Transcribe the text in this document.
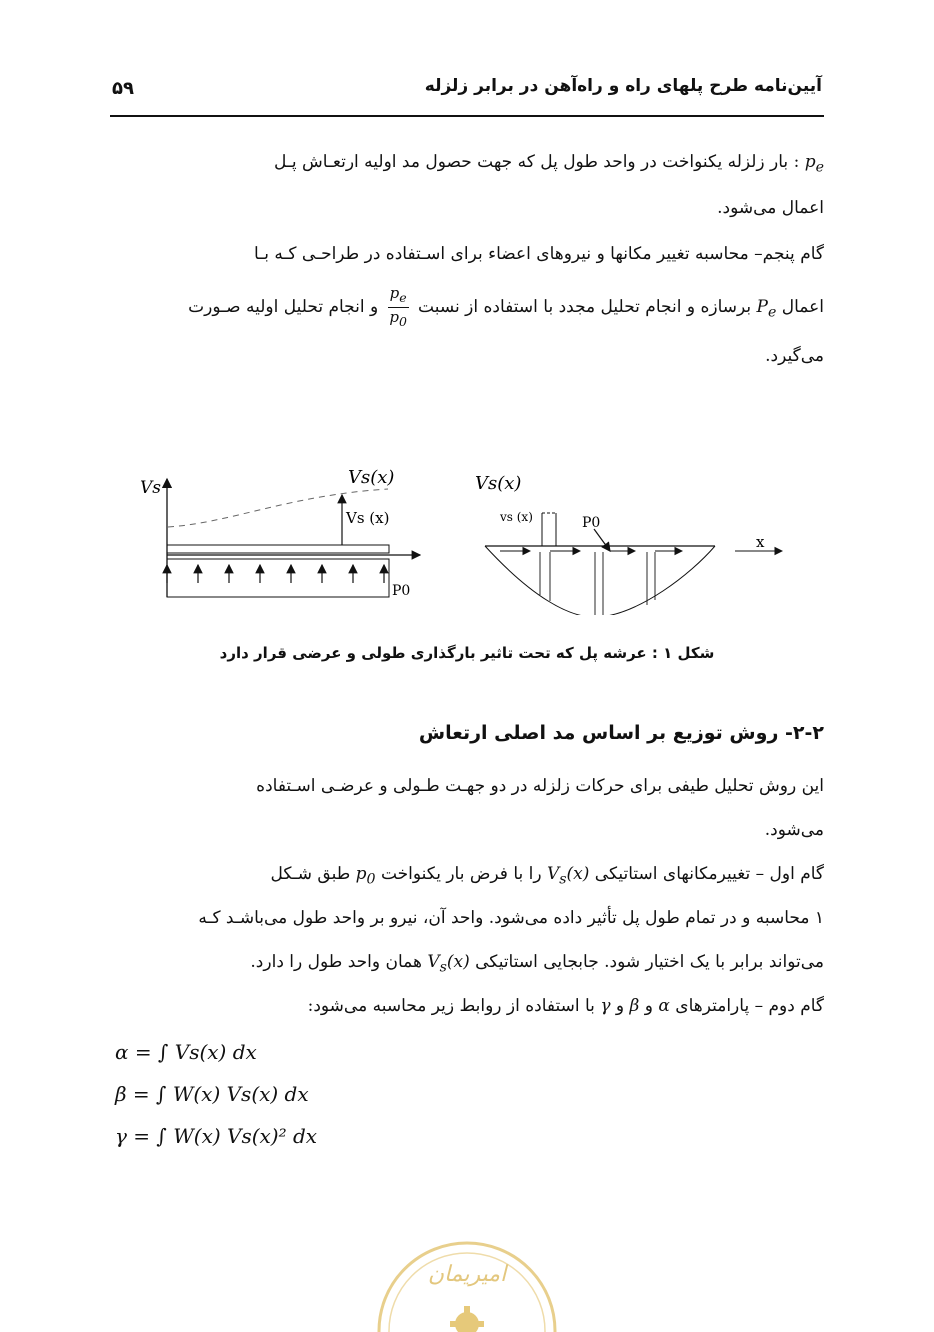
۵۹	آیین‌نامه طرح پلهای راه و راه‌آهن در برابر زلزله
$p_e$ : بار زلزله یکنواخت در واحد طول پل که جهت حصول مد اولیه ارتعـاش پـل
اعمال می‌شود.
گام پنجم– محاسبه تغییر مکانها و نیروهای اعضاء برای اسـتفاده در طراحـی کـه بـا
اعمال $P_e$ برسازه و انجام تحلیل مجدد با استفاده از نسبت
$\frac{p_e}{p_0}$
و انجام تحلیل اولیه صـورت
می‌گیرد.
Vs	Vs(x)
Vs (x)
P0
Vs(x)
vs (x)	P0
x
شکل ۱ : عرشه پل که تحت تاثیر بارگذاری طولی و عرضی قرار دارد
۲-۲- روش توزیع بر اساس مد اصلی ارتعاش
این روش تحلیل طیفی برای حرکات زلزله در دو جهـت طـولی و عرضـی اسـتفاده
می‌شود.
گام اول – تغییرمکانهای استاتیکی $V_s(x)$ را با فرض بار یکنواخت $p_0$ طبق شـکل
۱ محاسبه و در تمام طول پل تأثیر داده می‌شود. واحد آن، نیرو بر واحد طول می‌باشـد کـه
می‌تواند برابر با یک اختیار شود. جابجایی استاتیکی $V_s(x)$ همان واحد طول را دارد.
گام دوم – پارامترهای α و β و γ با استفاده از روابط زیر محاسبه می‌شود:
α = ∫ Vs(x) dx
β = ∫ W(x) Vs(x) dx
γ = ∫ W(x) Vs(x)² dx
امیریمان
